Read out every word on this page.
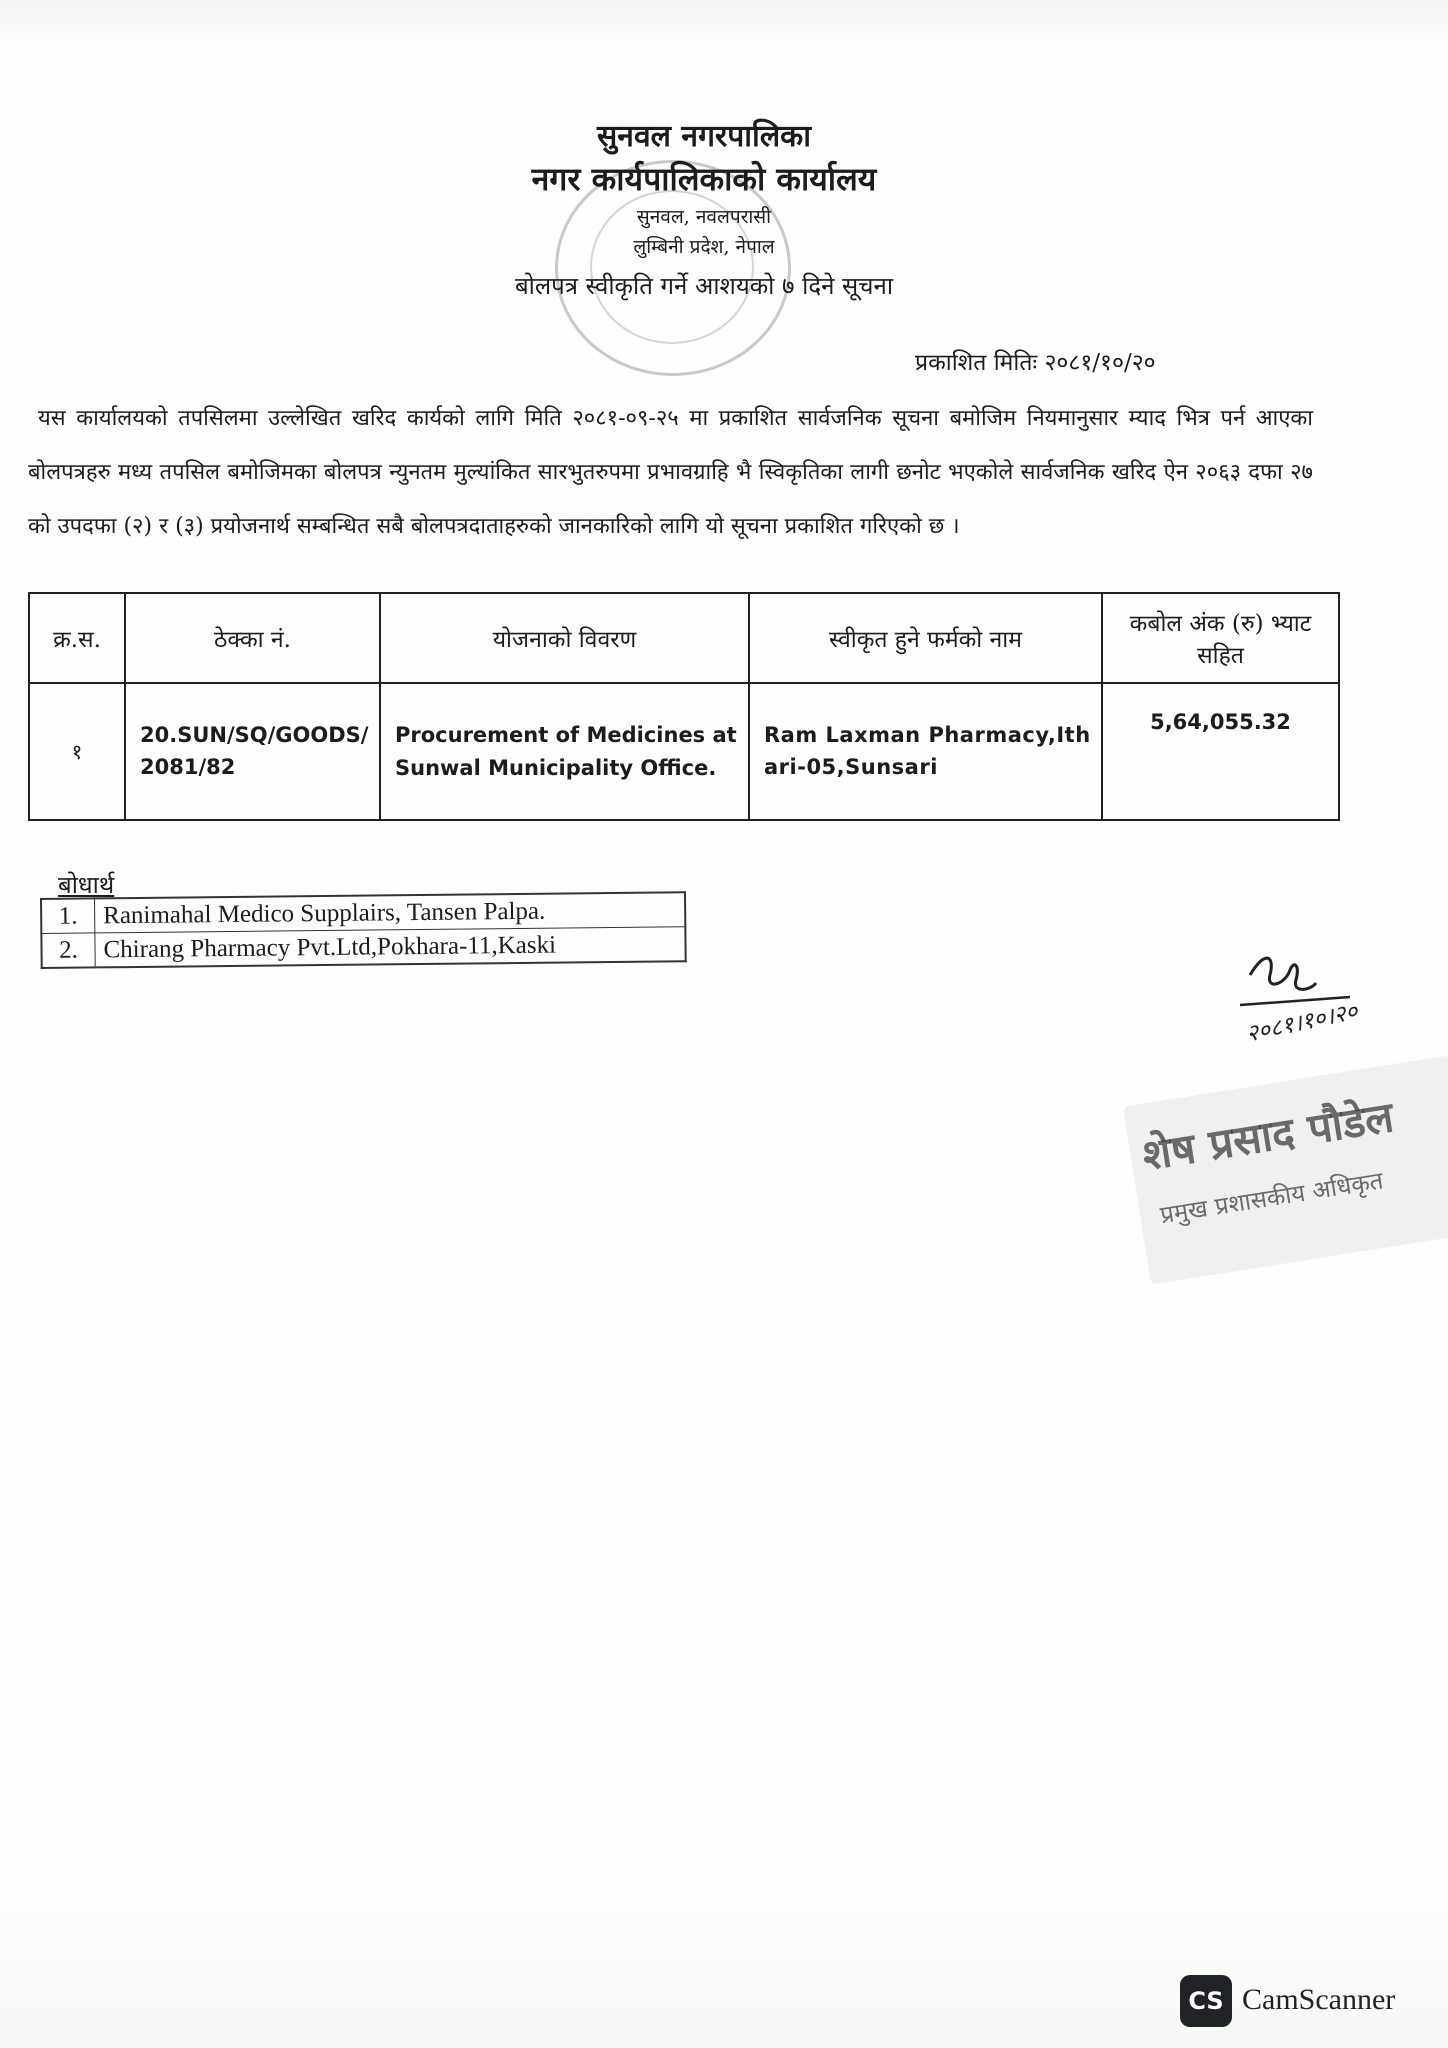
सुनवल नगरपालिका
नगर कार्यपालिकाको कार्यालय
सुनवल, नवलपरासी
लुम्बिनी प्रदेश, नेपाल
बोलपत्र स्वीकृति गर्ने आशयको ७ दिने सूचना
प्रकाशित मितिः २०८१/१०/२०
यस कार्यालयको तपसिलमा उल्लेखित खरिद कार्यको लागि मिति २०८१-०९-२५ मा प्रकाशित सार्वजनिक सूचना बमोजिम नियमानुसार म्याद भित्र पर्न आएका बोलपत्रहरु मध्य तपसिल बमोजिमका बोलपत्र न्युनतम मुल्यांकित सारभुतरुपमा प्रभावग्राहि भै स्विकृतिका लागी छनोट भएकोले सार्वजनिक खरिद ऐन २०६३ दफा २७ को उपदफा (२) र (३) प्रयोजनार्थ सम्बन्धित सबै बोलपत्रदाताहरुको जानकारिको लागि यो सूचना प्रकाशित गरिएको छ ।
क्र.स.	ठेक्का नं.	योजनाको विवरण	स्वीकृत हुने फर्मको नाम	कबोल अंक (रु) भ्याट सहित
१	20.SUN/SQ/GOODS/2081/82	Procurement of Medicines at Sunwal Municipality Office.	Ram Laxman Pharmacy,Ithari-05,Sunsari	5,64,055.32
बोधार्थ
1.	Ranimahal Medico Supplairs, Tansen Palpa.
2.	Chirang Pharmacy Pvt.Ltd,Pokhara-11,Kaski
२०८१।१०।२०
शेष प्रसाद पौडेल
प्रमुख प्रशासकीय अधिकृत
CS CamScanner
